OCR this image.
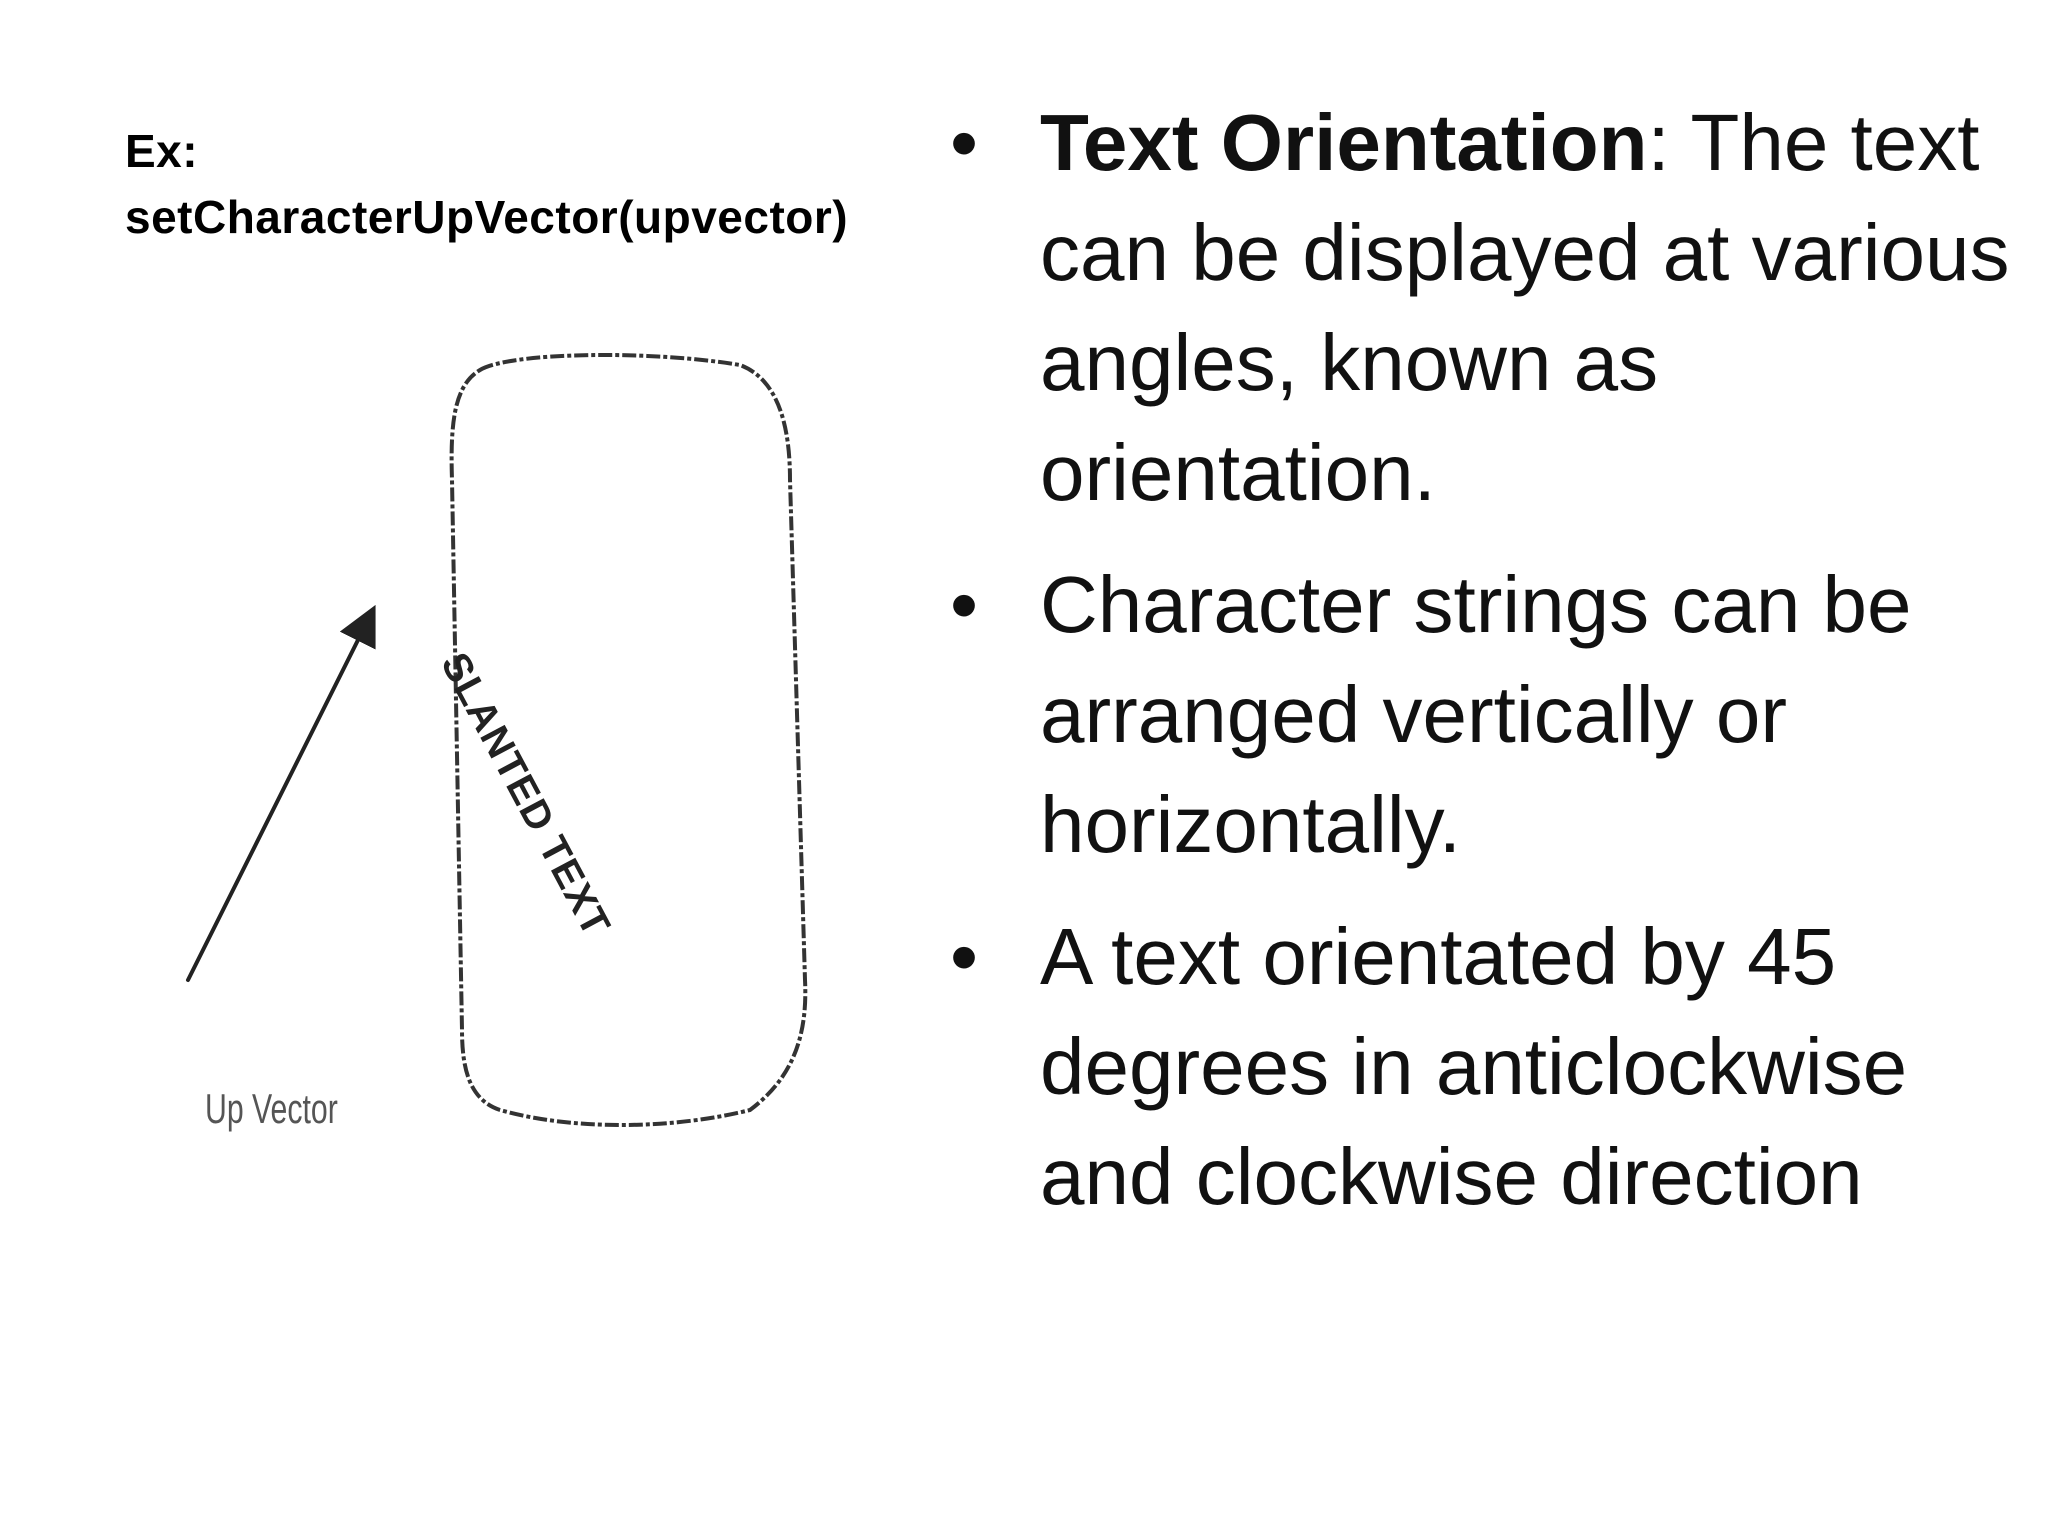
Ex:
setCharacterUpVector(upvector)
Up Vector
SLANTED TEXT
• Text Orientation: The text can be displayed at various angles, known as orientation.
• Character strings can be arranged vertically or horizontally.
• A text orientated by 45 degrees in anticlockwise and clockwise direction
